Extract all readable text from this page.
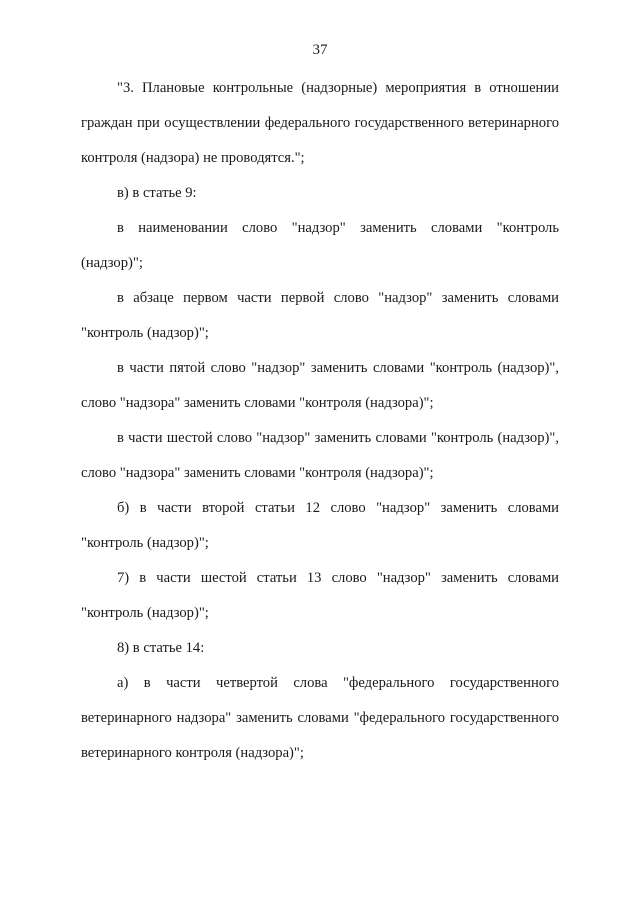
37

"3. Плановые контрольные (надзорные) мероприятия в отношении граждан при осуществлении федерального государственного ветеринарного контроля (надзора) не проводятся.";

в) в статье 9:

в наименовании слово "надзор" заменить словами "контроль (надзор)";

в абзаце первом части первой слово "надзор" заменить словами "контроль (надзор)";

в части пятой слово "надзор" заменить словами "контроль (надзор)", слово "надзора" заменить словами "контроля (надзора)";

в части шестой слово "надзор" заменить словами "контроль (надзор)", слово "надзора" заменить словами "контроля (надзора)";

б) в части второй статьи 12 слово "надзор" заменить словами "контроль (надзор)";

7) в части шестой статьи 13 слово "надзор" заменить словами "контроль (надзор)";

8) в статье 14:

а) в части четвертой слова "федерального государственного ветеринарного надзора" заменить словами "федерального государственного ветеринарного контроля (надзора)";
